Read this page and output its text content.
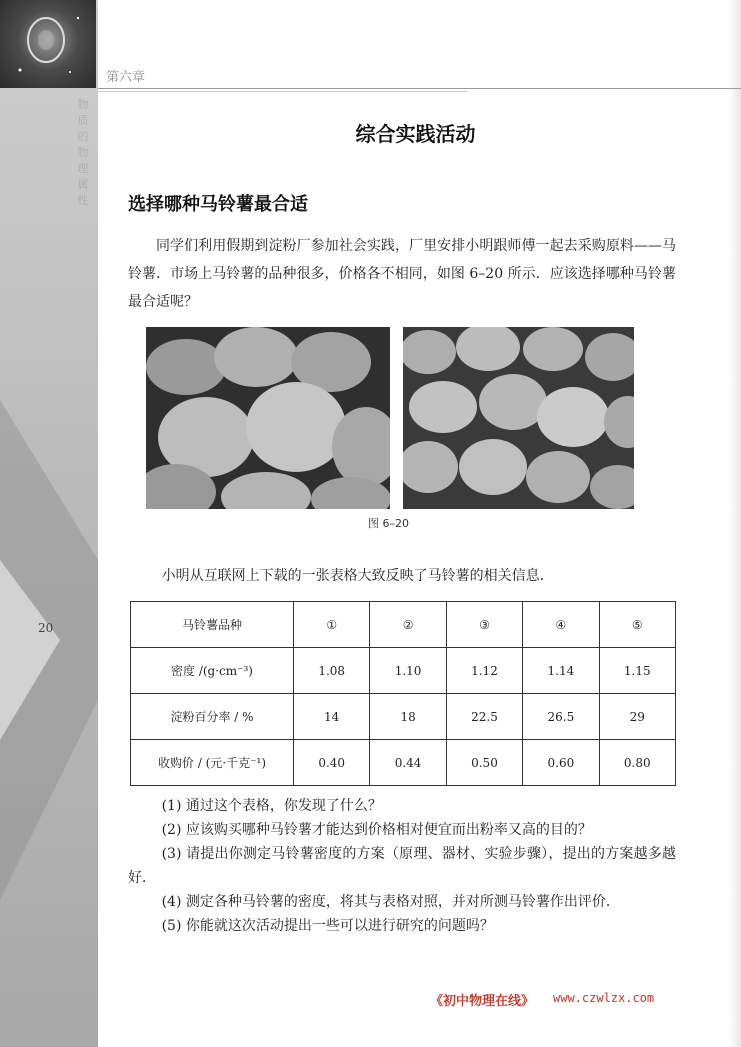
第六章
物质的物理属性
20
综合实践活动
选择哪种马铃薯最合适
同学们利用假期到淀粉厂参加社会实践，厂里安排小明跟师傅一起去采购原料——马铃薯．市场上马铃薯的品种很多，价格各不相同，如图 6–20 所示．应该选择哪种马铃薯最合适呢？
图 6–20
小明从互联网上下载的一张表格大致反映了马铃薯的相关信息．
马铃薯品种	①	②	③	④	⑤
密度 /(g·cm⁻³)	1.08	1.10	1.12	1.14	1.15
淀粉百分率 / %	14	18	22.5	26.5	29
收购价 / (元·千克⁻¹)	0.40	0.44	0.50	0.60	0.80
(1) 通过这个表格，你发现了什么？
(2) 应该购买哪种马铃薯才能达到价格相对便宜而出粉率又高的目的？
(3) 请提出你测定马铃薯密度的方案（原理、器材、实验步骤），提出的方案越多越好．
(4) 测定各种马铃薯的密度，将其与表格对照，并对所测马铃薯作出评价．
(5) 你能就这次活动提出一些可以进行研究的问题吗？
《初中物理在线》 www.czwlzx.com
